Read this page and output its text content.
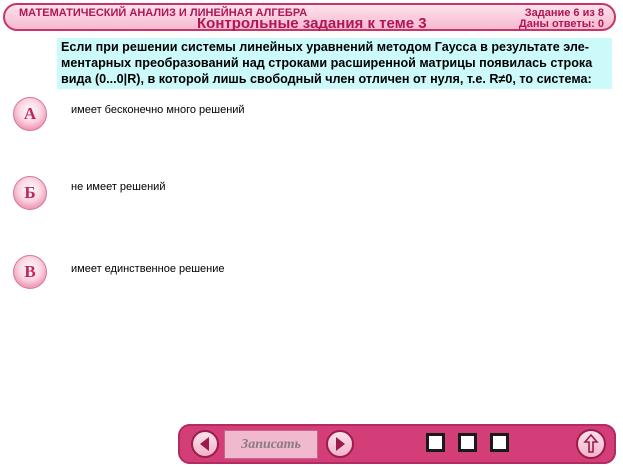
МАТЕМАТИЧЕСКИЙ АНАЛИЗ И ЛИНЕЙНАЯ АЛГЕБРА
Контрольные задания к теме 3
Задание 6 из 8
Даны ответы: 0
Если при решении системы линейных уравнений методом Гаусса в результате эле-ментарных преобразований над строками расширенной матрицы появилась строка вида (0...0|R), в которой лишь свободный член отличен от нуля, т.е. R≠0, то система:
А	имеет бесконечно много решений
Б	не имеет решений
В	имеет единственное решение
Записать
